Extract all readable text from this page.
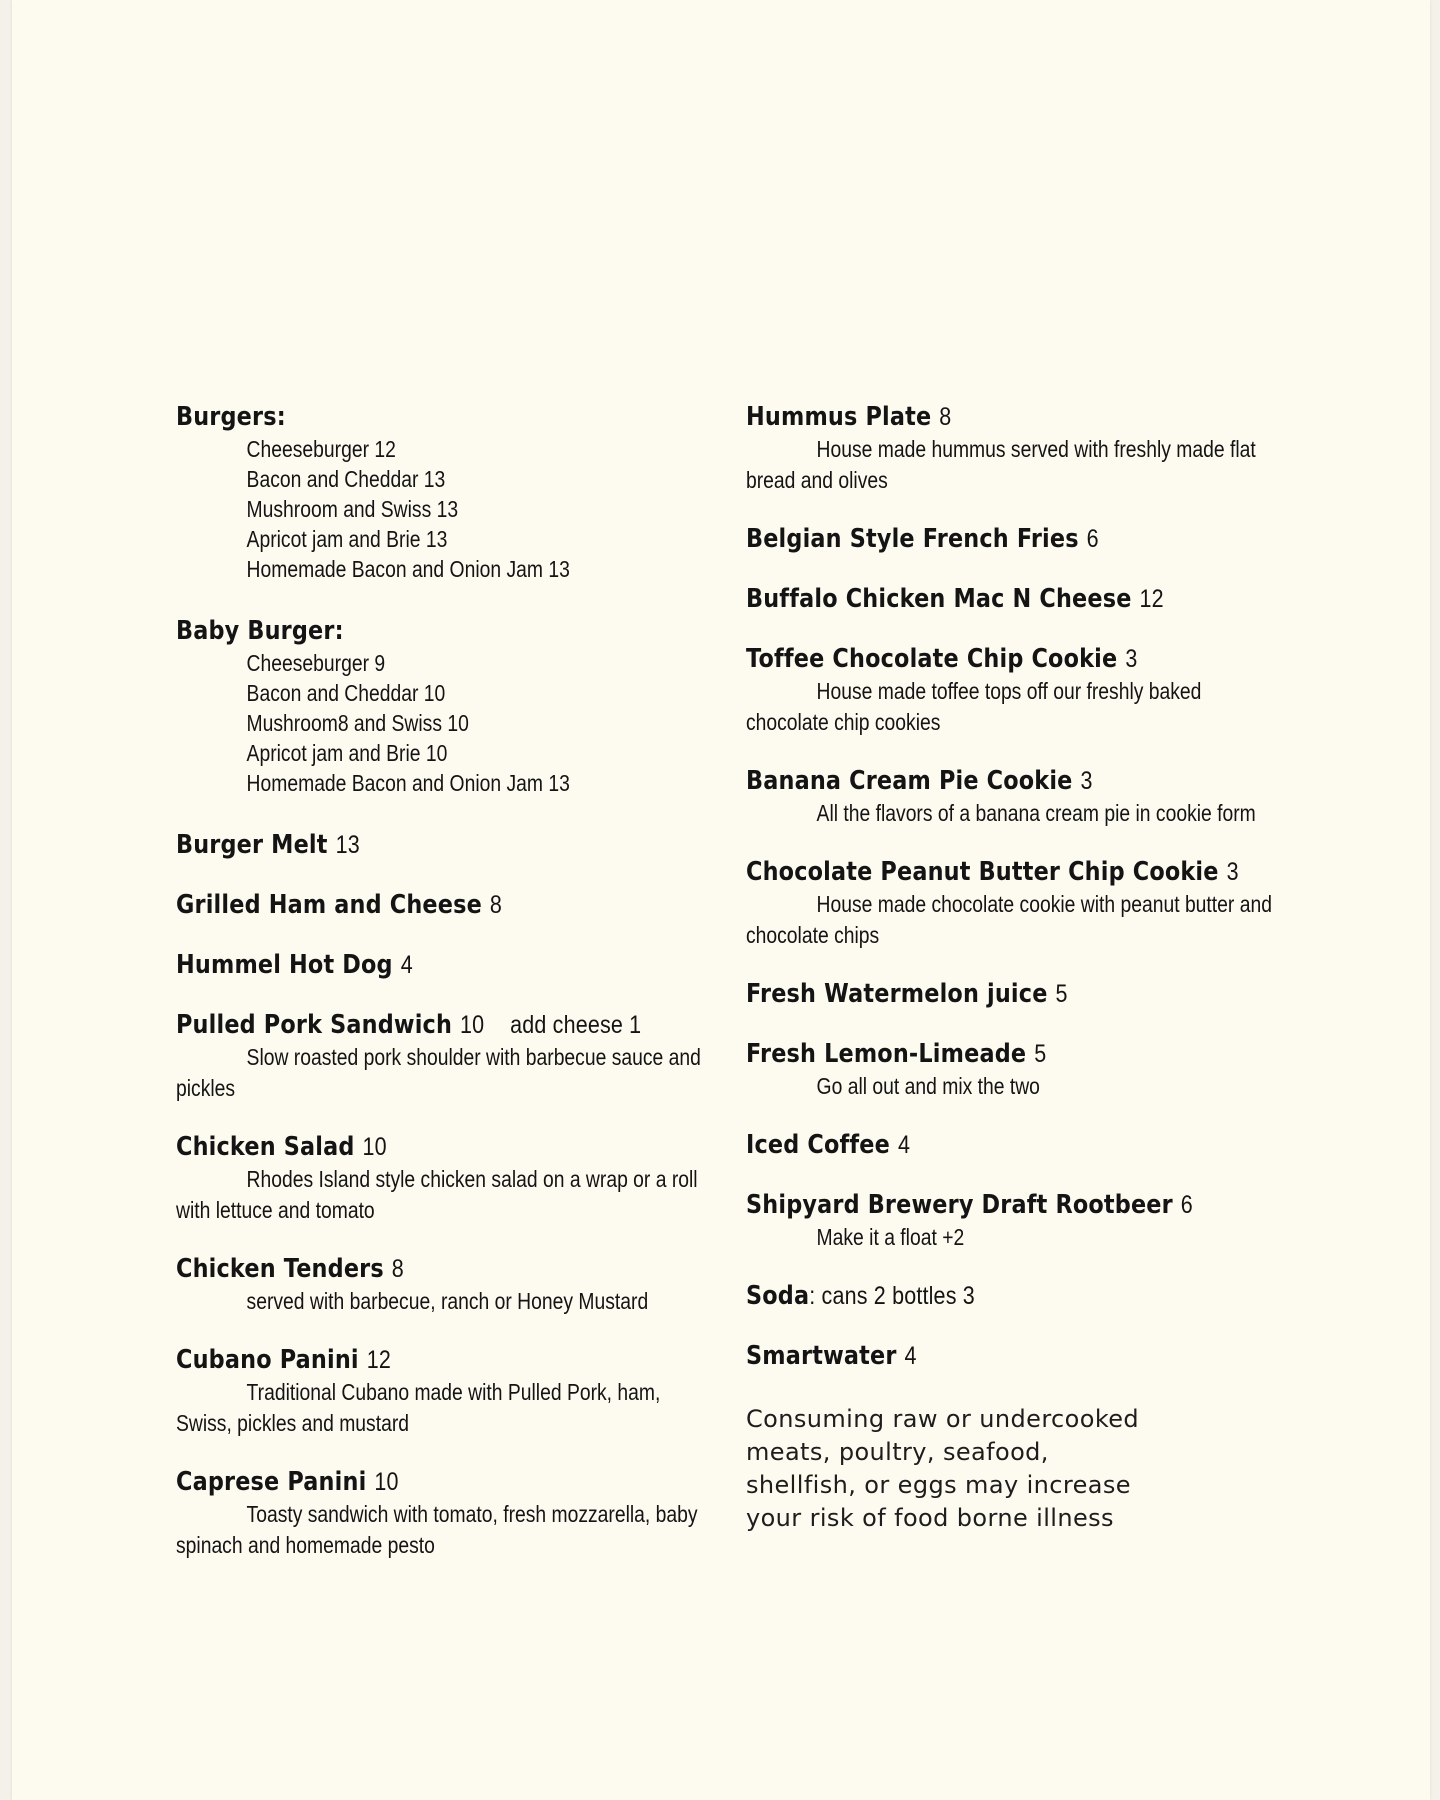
Burgers:
Cheeseburger 12
Bacon and Cheddar 13
Mushroom and Swiss 13
Apricot jam and Brie 13
Homemade Bacon and Onion Jam 13
Baby Burger:
Cheeseburger 9
Bacon and Cheddar 10
Mushroom8 and Swiss 10
Apricot jam and Brie 10
Homemade Bacon and Onion Jam 13
Burger Melt 13
Grilled Ham and Cheese 8
Hummel Hot Dog 4
Pulled Pork Sandwich 10 add cheese 1
Slow roasted pork shoulder with barbecue sauce and pickles
Chicken Salad 10
Rhodes Island style chicken salad on a wrap or a roll with lettuce and tomato
Chicken Tenders 8
served with barbecue, ranch or Honey Mustard
Cubano Panini 12
Traditional Cubano made with Pulled Pork, ham, Swiss, pickles and mustard
Caprese Panini 10
Toasty sandwich with tomato, fresh mozzarella, baby spinach and homemade pesto
Hummus Plate 8
House made hummus served with freshly made flat bread and olives
Belgian Style French Fries 6
Buffalo Chicken Mac N Cheese 12
Toffee Chocolate Chip Cookie 3
House made toffee tops off our freshly baked chocolate chip cookies
Banana Cream Pie Cookie 3
All the flavors of a banana cream pie in cookie form
Chocolate Peanut Butter Chip Cookie 3
House made chocolate cookie with peanut butter and chocolate chips
Fresh Watermelon juice 5
Fresh Lemon-Limeade 5
Go all out and mix the two
Iced Coffee 4
Shipyard Brewery Draft Rootbeer 6
Make it a float +2
Soda: cans 2 bottles 3
Smartwater 4
Consuming raw or undercooked meats, poultry, seafood, shellfish, or eggs may increase your risk of food borne illness
